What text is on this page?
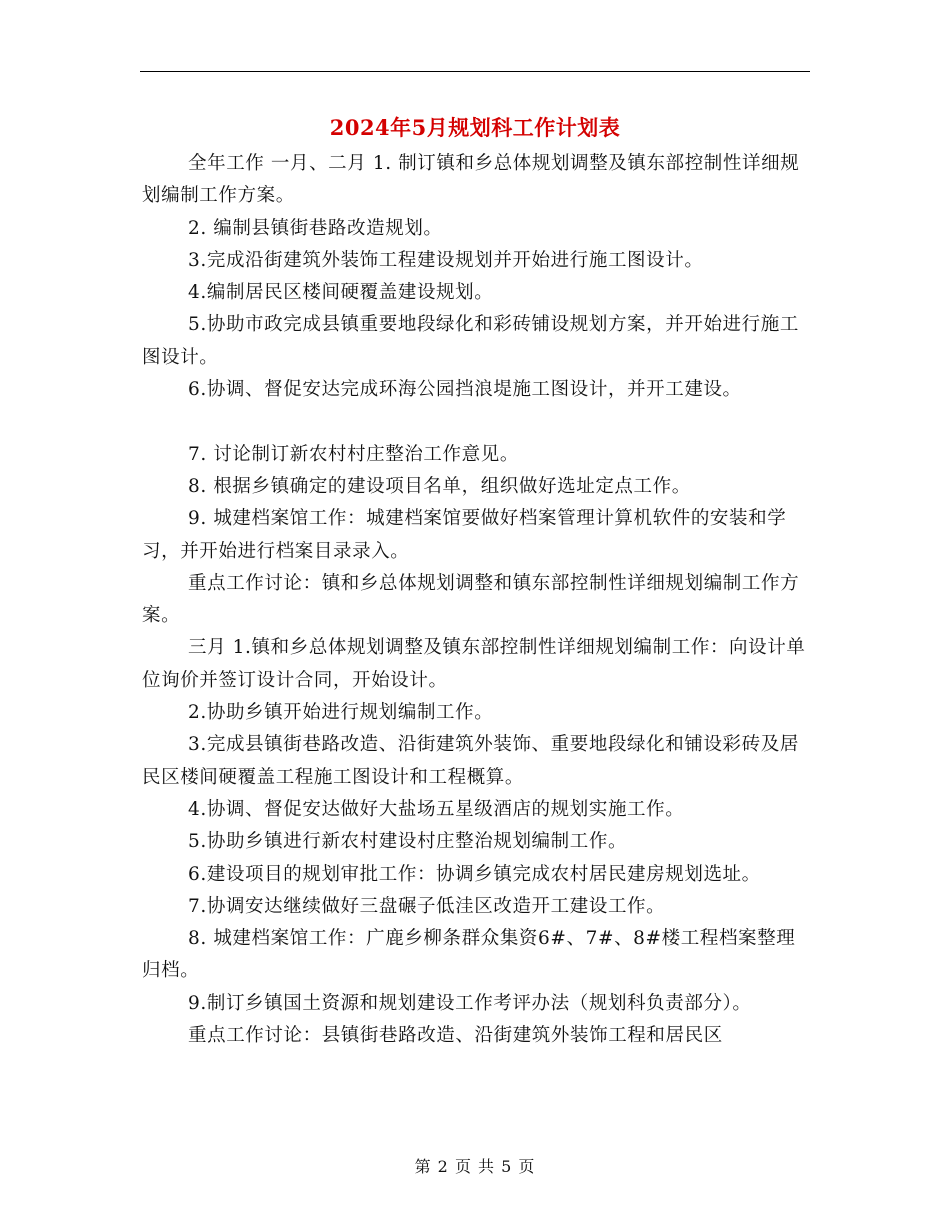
2024年5月规划科工作计划表

全年工作 一月、二月 1. 制订镇和乡总体规划调整及镇东部控制性详细规划编制工作方案。

2. 编制县镇街巷路改造规划。

3.完成沿街建筑外装饰工程建设规划并开始进行施工图设计。

4.编制居民区楼间硬覆盖建设规划。

5.协助市政完成县镇重要地段绿化和彩砖铺设规划方案，并开始进行施工图设计。

6.协调、督促安达完成环海公园挡浪堤施工图设计，并开工建设。

7. 讨论制订新农村村庄整治工作意见。

8. 根据乡镇确定的建设项目名单，组织做好选址定点工作。

9. 城建档案馆工作：城建档案馆要做好档案管理计算机软件的安装和学习，并开始进行档案目录录入。

重点工作讨论：镇和乡总体规划调整和镇东部控制性详细规划编制工作方案。

三月 1.镇和乡总体规划调整及镇东部控制性详细规划编制工作：向设计单位询价并签订设计合同，开始设计。

2.协助乡镇开始进行规划编制工作。

3.完成县镇街巷路改造、沿街建筑外装饰、重要地段绿化和铺设彩砖及居民区楼间硬覆盖工程施工图设计和工程概算。

4.协调、督促安达做好大盐场五星级酒店的规划实施工作。

5.协助乡镇进行新农村建设村庄整治规划编制工作。

6.建设项目的规划审批工作：协调乡镇完成农村居民建房规划选址。

7.协调安达继续做好三盘碾子低洼区改造开工建设工作。

8. 城建档案馆工作：广鹿乡柳条群众集资6#、7#、8#楼工程档案整理归档。

9.制订乡镇国土资源和规划建设工作考评办法（规划科负责部分）。

重点工作讨论：县镇街巷路改造、沿街建筑外装饰工程和居民区

第 2 页 共 5 页
